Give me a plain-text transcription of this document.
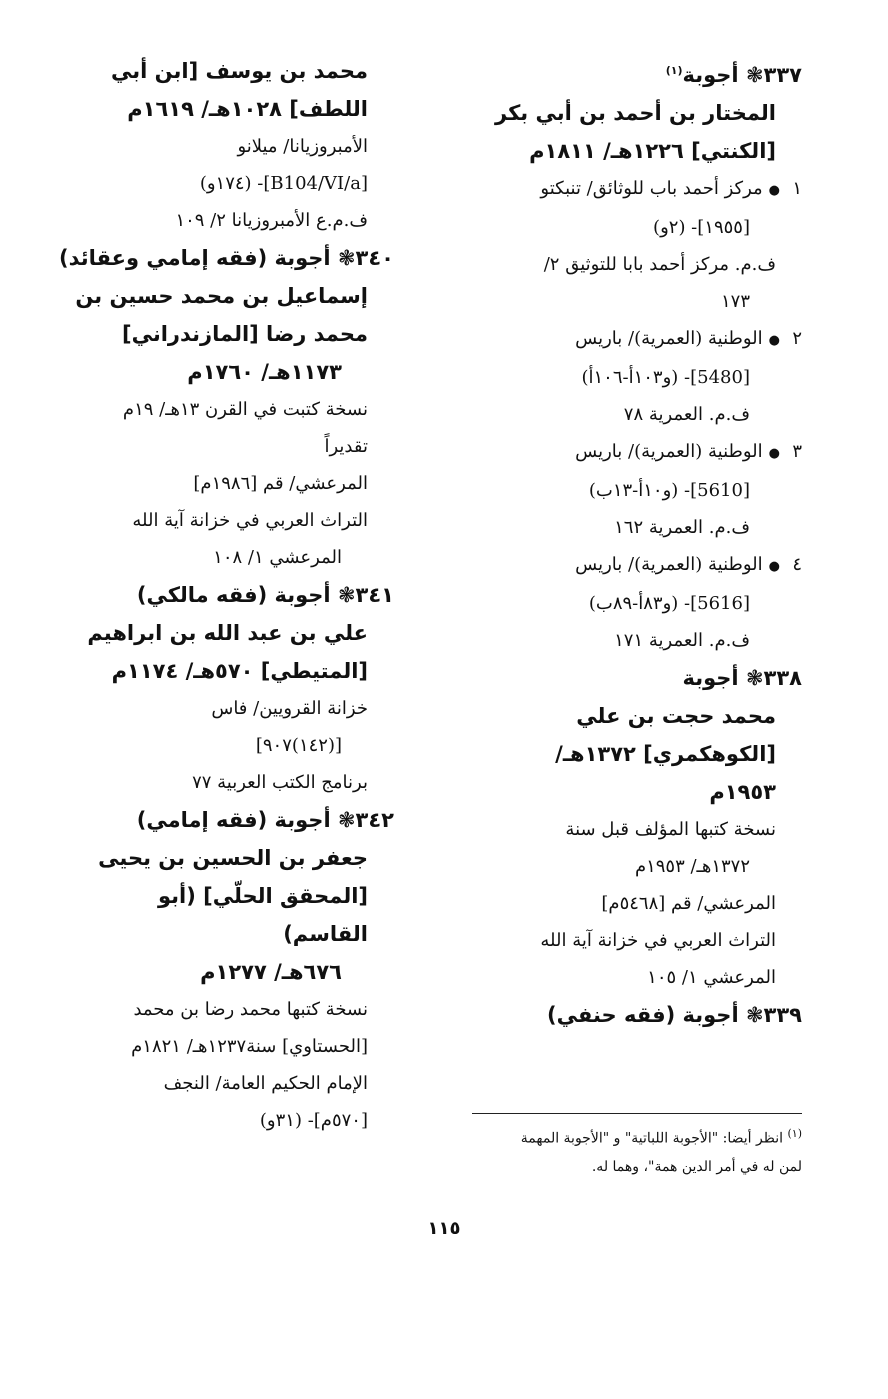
٣٣٧❃ أجوبة$^{(١)}$
المختار بن أحمد بن أبي بكر
[الكنتي] ١٢٢٦هـ/ ١٨١١م
١●مركز أحمد باب للوثائق/ تنبكتو
[١٩٥٥]- (٢و)
ف.م. مركز أحمد بابا للتوثيق ٢/
١٧٣
٢●الوطنية (العمرية)/ باريس
[5480]- (و١٠٣أ-١٠٦أ)
ف.م. العمرية ٧٨
٣●الوطنية (العمرية)/ باريس
[5610]- (و١٠أ-١٣ب)
ف.م. العمرية ١٦٢
٤●الوطنية (العمرية)/ باريس
[5616]- (و٨٣أ-٨٩ب)
ف.م. العمرية ١٧١
٣٣٨❃ أجوبة
محمد حجت بن علي
[الكوهكمري] ١٣٧٢هـ/
١٩٥٣م
نسخة كتبها المؤلف قبل سنة
١٣٧٢هـ/ ١٩٥٣م
المرعشي/ قم [٥٤٦٨م]
التراث العربي في خزانة آية الله
المرعشي ١/ ١٠٥
٣٣٩❃ أجوبة (فقه حنفي)
محمد بن يوسف [ابن أبي
اللطف] ١٠٢٨هـ/ ١٦١٩م
الأمبروزيانا/ ميلانو
[B104/VI/a]- (١٧٤و)
ف.م.ع الأمبروزيانا ٢/ ١٠٩
٣٤٠❃ أجوبة (فقه إمامي وعقائد)
إسماعيل بن محمد حسين بن
محمد رضا [المازندراني]
١١٧٣هـ/ ١٧٦٠م
نسخة كتبت في القرن ١٣هـ/ ١٩م
تقديراً
المرعشي/ قم [١٩٨٦م]
التراث العربي في خزانة آية الله
المرعشي ١/ ١٠٨
٣٤١❃ أجوبة (فقه مالكي)
علي بن عبد الله بن ابراهيم
[المتيطي] ٥٧٠هـ/ ١١٧٤م
خزانة القرويين/ فاس
[(١٤٢)٩٠٧]
برنامج الكتب العربية ٧٧
٣٤٢❃ أجوبة (فقه إمامي)
جعفر بن الحسين بن يحيى
[المحقق الحلّي] (أبو القاسم)
٦٧٦هـ/ ١٢٧٧م
نسخة كتبها محمد رضا بن محمد
[الحستاوي] سنة١٢٣٧هـ/ ١٨٢١م
الإمام الحكيم العامة/ النجف
[٥٧٠م]- (٣١و)
$^{(١)}$ انظر أيضا: "الأجوبة اللباتية" و "الأجوبة المهمة
لمن له في أمر الدين همة"، وهما له.
١١٥
